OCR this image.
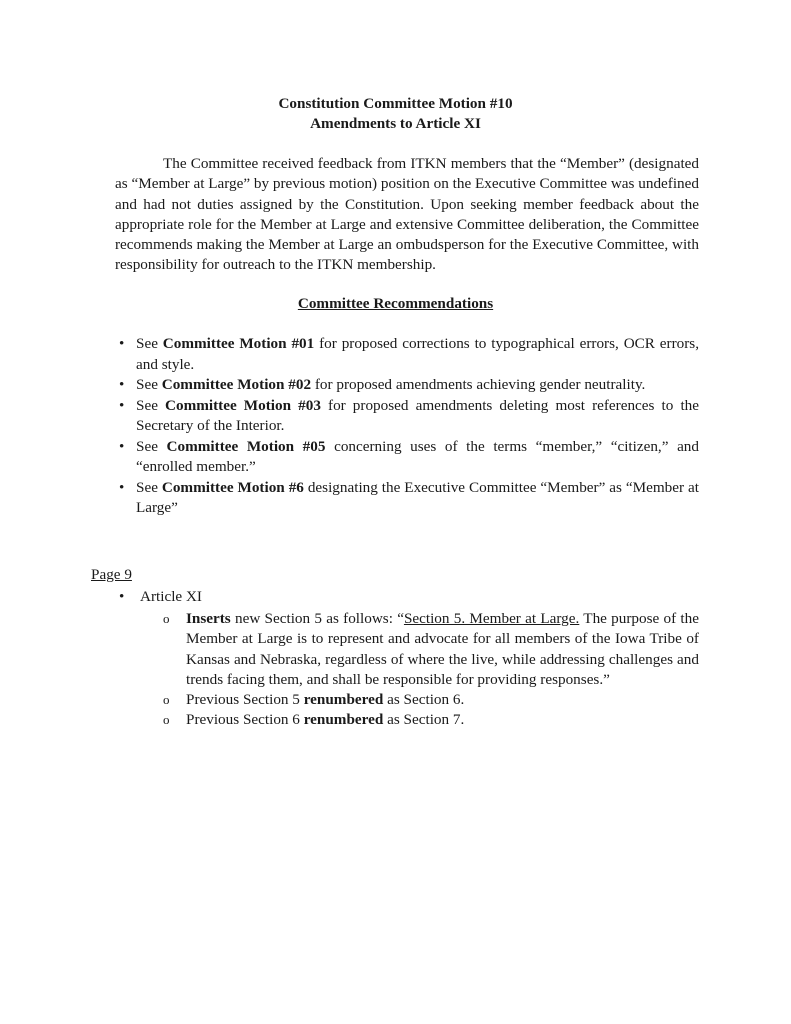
Constitution Committee Motion #10
Amendments to Article XI
The Committee received feedback from ITKN members that the “Member” (designated as “Member at Large” by previous motion) position on the Executive Committee was undefined and had not duties assigned by the Constitution. Upon seeking member feedback about the appropriate role for the Member at Large and extensive Committee deliberation, the Committee recommends making the Member at Large an ombudsperson for the Executive Committee, with responsibility for outreach to the ITKN membership.
Committee Recommendations
• See Committee Motion #01 for proposed corrections to typographical errors, OCR errors, and style.
• See Committee Motion #02 for proposed amendments achieving gender neutrality.
• See Committee Motion #03 for proposed amendments deleting most references to the Secretary of the Interior.
• See Committee Motion #05 concerning uses of the terms “member,” “citizen,” and “enrolled member.”
• See Committee Motion #6 designating the Executive Committee “Member” as “Member at Large”
Page 9
• Article XI
o Inserts new Section 5 as follows: “Section 5. Member at Large. The purpose of the Member at Large is to represent and advocate for all members of the Iowa Tribe of Kansas and Nebraska, regardless of where the live, while addressing challenges and trends facing them, and shall be responsible for providing responses.”
o Previous Section 5 renumbered as Section 6.
o Previous Section 6 renumbered as Section 7.
